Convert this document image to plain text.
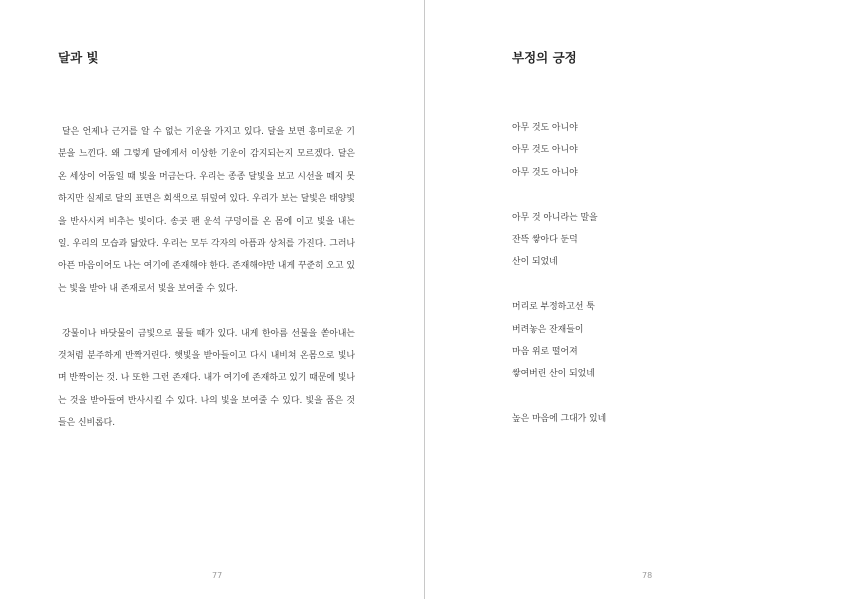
달과 빛

달은 언제나 근거를 알 수 없는 기운을 가지고 있다. 달을 보면 흥미로운 기분을 느낀다. 왜 그렇게 달에게서 이상한 기운이 감지되는지 모르겠다. 달은 온 세상이 어둠일 때 빛을 머금는다. 우리는 종종 달빛을 보고 시선을 떼지 못하지만 실제로 달의 표면은 회색으로 뒤덮여 있다. 우리가 보는 달빛은 태양빛을 반사시켜 비추는 빛이다. 송곳 팬 운석 구덩이를 온 몸에 이고 빛을 내는 일. 우리의 모습과 닮았다. 우리는 모두 각자의 아픔과 상처를 가진다. 그러나 아픈 마음이어도 나는 여기에 존재해야 한다. 존재해야만 내게 꾸준히 오고 있는 빛을 받아 내 존재로서 빛을 보여줄 수 있다.

강물이나 바닷물이 금빛으로 물들 때가 있다. 내게 한아름 선물을 쏟아내는 것처럼 분주하게 반짝거린다. 햇빛을 받아들이고 다시 내비쳐 온몸으로 빛나며 반짝이는 것. 나 또한 그런 존재다. 내가 여기에 존재하고 있기 때문에 빛나는 것을 받아들여 반사시킬 수 있다. 나의 빛을 보여줄 수 있다. 빛을 품은 것들은 신비롭다.

77
부정의 긍정
아무 것도 아니야
아무 것도 아니야
아무 것도 아니야
아무 것 아니라는 말을
잔뜩 쌓아다 둔덕
산이 되었네
머리로 부정하고선 툭
버려놓은 잔재들이
마음 위로 떨어져
쌓여버린 산이 되었네
높은 마음에 그대가 있네
78
